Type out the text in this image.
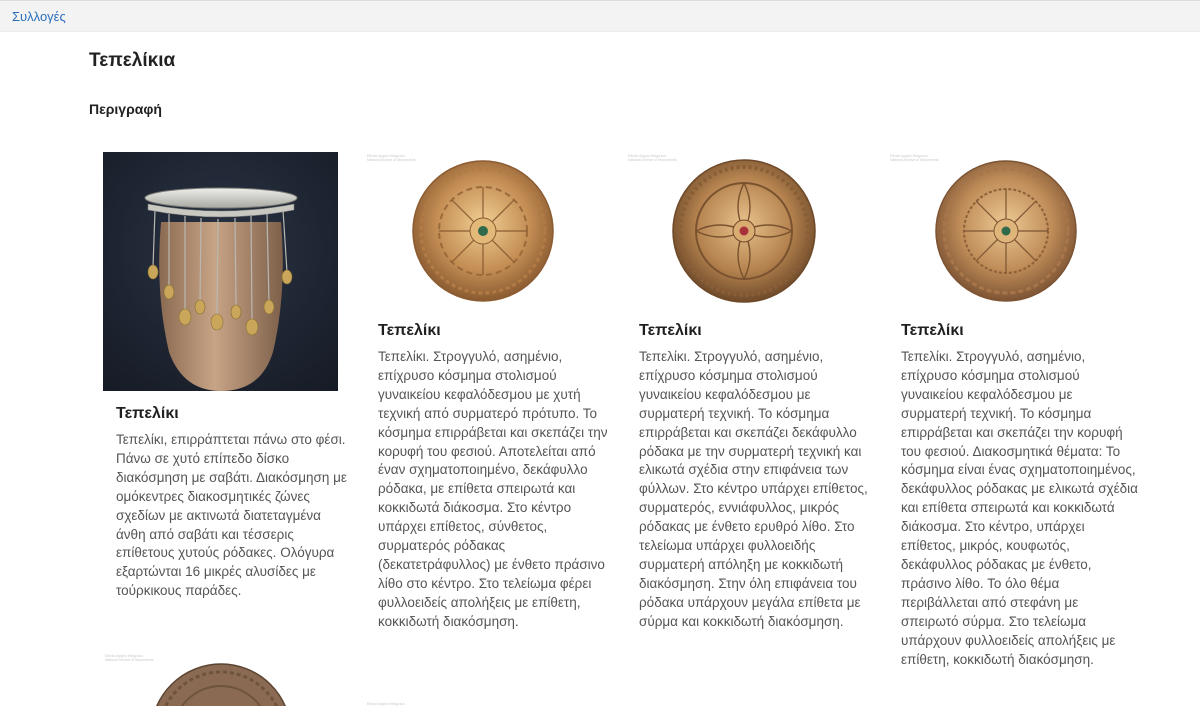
Συλλογές
Τεπελίκια
Περιγραφή
Τεπελίκι

Τεπελίκι, επιρράπτεται πάνω στο φέσι. Πάνω σε χυτό επίπεδο δίσκο διακόσμηση με σαβάτι. Διακόσμηση με ομόκεντρες διακοσμητικές ζώνες σχεδίων με ακτινωτά διατεταγμένα άνθη από σαβάτι και τέσσερις επίθετους χυτούς ρόδακες. Ολόγυρα εξαρτώνται 16 μικρές αλυσίδες με τούρκικους παράδες.

Εθνικό Αρχείο Μνημείων
National Archive of Monuments
Τεπελίκι

Τεπελίκι. Στρογγυλό, ασημένιο, επίχρυσο κόσμημα στολισμού γυναικείου κεφαλόδεσμου με χυτή τεχνική από συρματερό πρότυπο. Το κόσμημα επιρράβεται και σκεπάζει την κορυφή του φεσιού. Αποτελείται από έναν σχηματοποιημένο, δεκάφυλλο ρόδακα, με επίθετα σπειρωτά και κοκκιδωτά διάκοσμα. Στο κέντρο υπάρχει επίθετος, σύνθετος, συρματερός ρόδακας (δεκατετράφυλλος) με ένθετο πράσινο λίθο στο κέντρο. Στο τελείωμα φέρει φυλλοειδείς απολήξεις με επίθετη, κοκκιδωτή διακόσμηση.

Εθνικό Αρχείο Μνημείων
National Archive of Monuments
Τεπελίκι

Τεπελίκι. Στρογγυλό, ασημένιο, επίχρυσο κόσμημα στολισμού γυναικείου κεφαλόδεσμου με συρματερή τεχνική. Το κόσμημα επιρράβεται και σκεπάζει δεκάφυλλο ρόδακα με την συρματερή τεχνική και ελικωτά σχέδια στην επιφάνεια των φύλλων. Στο κέντρο υπάρχει επίθετος, συρματερός, εννιάφυλλος, μικρός ρόδακας με ένθετο ερυθρό λίθο. Στο τελείωμα υπάρχει φυλλοειδής συρματερή απόληξη με κοκκιδωτή διακόσμηση. Στην όλη επιφάνεια του ρόδακα υπάρχουν μεγάλα επίθετα με σύρμα και κοκκιδωτή διακόσμηση.

Εθνικό Αρχείο Μνημείων
National Archive of Monuments
Τεπελίκι

Τεπελίκι. Στρογγυλό, ασημένιο, επίχρυσο κόσμημα στολισμού γυναικείου κεφαλόδεσμου με συρματερή τεχνική. Το κόσμημα επιρράβεται και σκεπάζει την κορυφή του φεσιού. Διακοσμητικά θέματα: Το κόσμημα είναι ένας σχηματοποιημένος, δεκάφυλλος ρόδακας με ελικωτά σχέδια και επίθετα σπειρωτά και κοκκιδωτά διάκοσμα. Στο κέντρο, υπάρχει επίθετος, μικρός, κουφωτός, δεκάφυλλος ρόδακας με ένθετο, πράσινο λίθο. Το όλο θέμα περιβάλλεται από στεφάνη με σπειρωτό σύρμα. Στο τελείωμα υπάρχουν φυλλοειδείς απολήξεις με επίθετη, κοκκιδωτή διακόσμηση.

Εθνικό Αρχείο Μνημείων
National Archive of Monuments
Εθνικό Αρχείο Μνημείων
